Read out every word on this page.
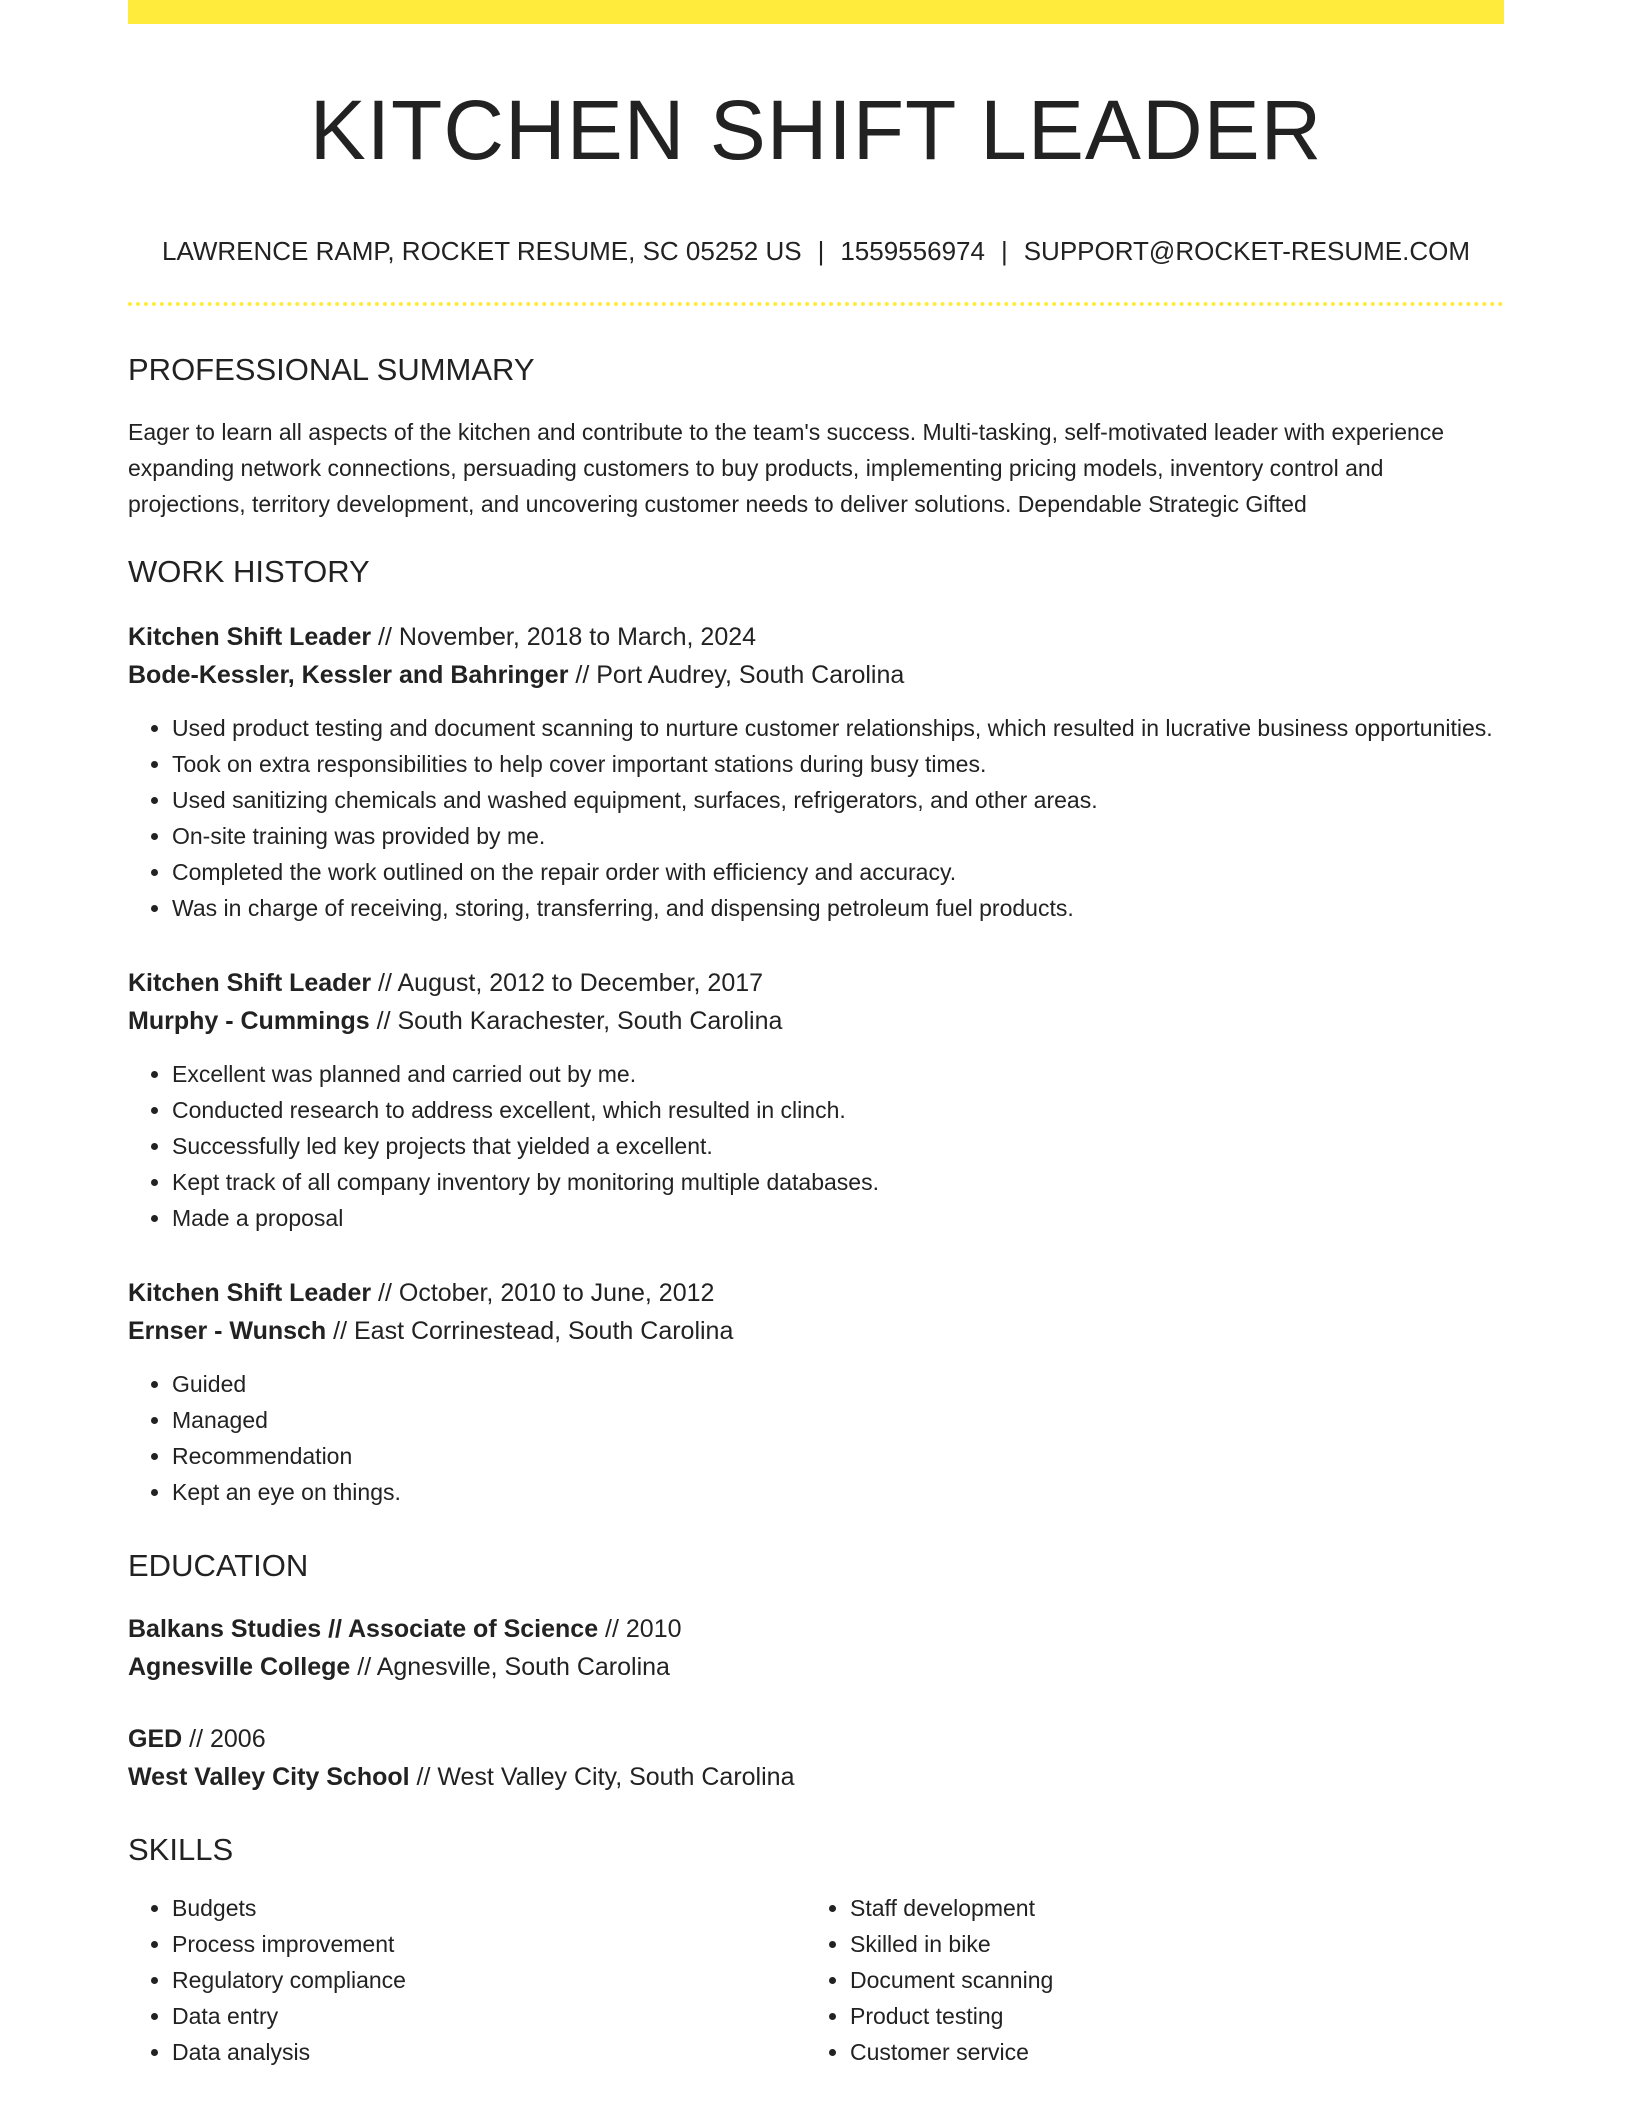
KITCHEN SHIFT LEADER
LAWRENCE RAMP, ROCKET RESUME, SC 05252 US | 1559556974 | SUPPORT@ROCKET-RESUME.COM
PROFESSIONAL SUMMARY
Eager to learn all aspects of the kitchen and contribute to the team's success. Multi-tasking, self-motivated leader with experience expanding network connections, persuading customers to buy products, implementing pricing models, inventory control and projections, territory development, and uncovering customer needs to deliver solutions. Dependable Strategic Gifted
WORK HISTORY
Kitchen Shift Leader // November, 2018 to March, 2024
Bode-Kessler, Kessler and Bahringer // Port Audrey, South Carolina
• Used product testing and document scanning to nurture customer relationships, which resulted in lucrative business opportunities.
• Took on extra responsibilities to help cover important stations during busy times.
• Used sanitizing chemicals and washed equipment, surfaces, refrigerators, and other areas.
• On-site training was provided by me.
• Completed the work outlined on the repair order with efficiency and accuracy.
• Was in charge of receiving, storing, transferring, and dispensing petroleum fuel products.
Kitchen Shift Leader // August, 2012 to December, 2017
Murphy - Cummings // South Karachester, South Carolina
• Excellent was planned and carried out by me.
• Conducted research to address excellent, which resulted in clinch.
• Successfully led key projects that yielded a excellent.
• Kept track of all company inventory by monitoring multiple databases.
• Made a proposal
Kitchen Shift Leader // October, 2010 to June, 2012
Ernser - Wunsch // East Corrinestead, South Carolina
• Guided
• Managed
• Recommendation
• Kept an eye on things.
EDUCATION
Balkans Studies // Associate of Science // 2010
Agnesville College // Agnesville, South Carolina
GED // 2006
West Valley City School // West Valley City, South Carolina
SKILLS
• Budgets
• Process improvement
• Regulatory compliance
• Data entry
• Data analysis
• Staff development
• Skilled in bike
• Document scanning
• Product testing
• Customer service
